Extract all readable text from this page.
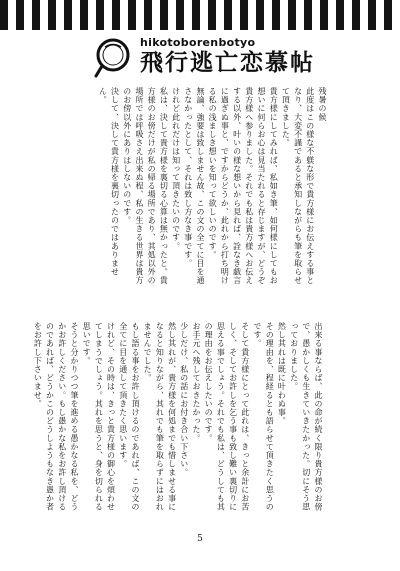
hikotoborenbotyo
飛行逃亡恋慕帖

残暑の候

此度はこの様な不躾な形で貴方様にお伝えする事となり、大変不謹であると承知しながらも筆を取らせて頂きました。

貴方様にしてみれば、私如き筆、如何様にしてもお想いに何らお心は見当たれると存じますが、どうぞ貴方様へ参りました。それでも私は貴方様へお伝えする以外、叶いの様な想いから見れば、詮なき戯言に過ぎぬ事と、ですからどうか、此れから打ち明ける私の浅ましき想いを知って欲しいのです。

無論、強要は致しません故、この文の全てに目を通さなかったとして、それは致し方なき事です。

けれど此れだけは知って頂きたいのです。

私は、決して貴方様を裏切る心算は無かったと。貴方様のお傍だけが私の帰る場所であり、其処以外の場所では呼吸さえ出来ぬ程、私の生きる世界は貴方のお傍以外にありはしないのです。

決して、決して貴方様を裏切ったのではありません。

出来る事ならば、此の命が続く限り貴方様のお傍で、愚かしくも生きていきたかった。切にそう思っておりました。

然し其れは既に叶わぬ事。

その理由を、程経るとも語らせて頂きたく思うのです。

そして貴方様にとって此れは、きっと余計にお苦しく、そしてお許しを乞う事も致し難い裏切りに思える事でしょう。それでも私は、どうしても其の理由をお伝えしたいのです。

お手元へ残しておきたかった。

少しだけ、私の話にお付き合い下さい。

然し其れが、貴方様を何処までも惜しませる事になると知りながら、其れでも筆を取らずにはおれませんでした。

もし語る事をお許し頂けるのであれば、この文の全てに目を通して頂きたく思います。

けれど、その時は、きっと貴方様の御心を煩わせてしまうでしょう。其れを思うと、身を切られる思いです。

そうと分かりつつ筆を進める愚かなる私を、どうかお許しください。もし愚かな私をお許し頂けるのであれば、どうかこのどうしようもなき愚か者をお許し下さいませ。

5
